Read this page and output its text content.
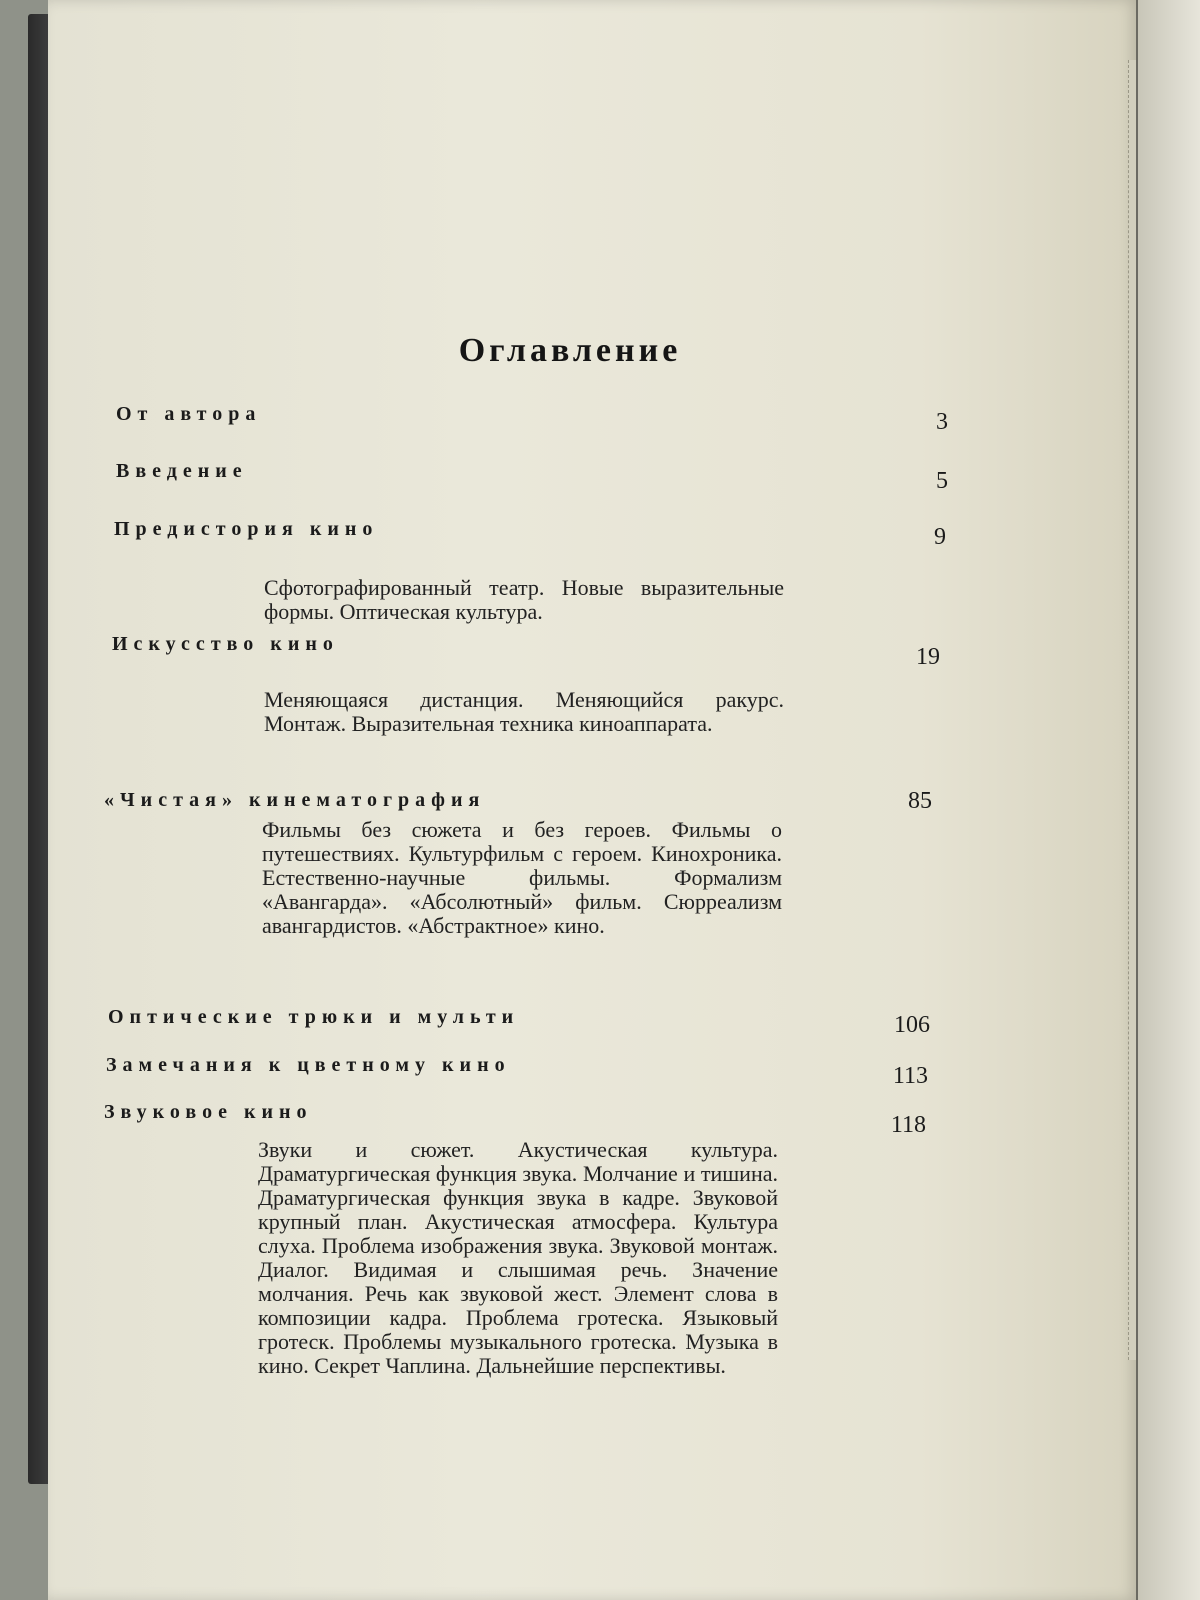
Оглавление
От автора	3
Введение	5
Предистория кино	9
Сфотографированный театр. Новые выразительные формы. Оптическая культура.
Искусство кино	19
Меняющаяся дистанция. Меняющийся ракурс. Монтаж. Выразительная техника киноаппарата.
«Чистая» кинематография	85
Фильмы без сюжета и без героев. Фильмы о путешествиях. Культурфильм с героем. Кинохроника. Естественно-научные фильмы. Формализм «Авангарда». «Абсолютный» фильм. Сюрреализм авангардистов. «Абстрактное» кино.
Оптические трюки и мульти	106
Замечания к цветному кино	113
Звуковое кино	118
Звуки и сюжет. Акустическая культура. Драматургическая функция звука. Молчание и тишина. Драматургическая функция звука в кадре. Звуковой крупный план. Акустическая атмосфера. Культура слуха. Проблема изображения звука. Звуковой монтаж. Диалог. Видимая и слышимая речь. Значение молчания. Речь как звуковой жест. Элемент слова в композиции кадра. Проблема гротеска. Языковый гротеск. Проблемы музыкального гротеска. Музыка в кино. Секрет Чаплина. Дальнейшие перспективы.
